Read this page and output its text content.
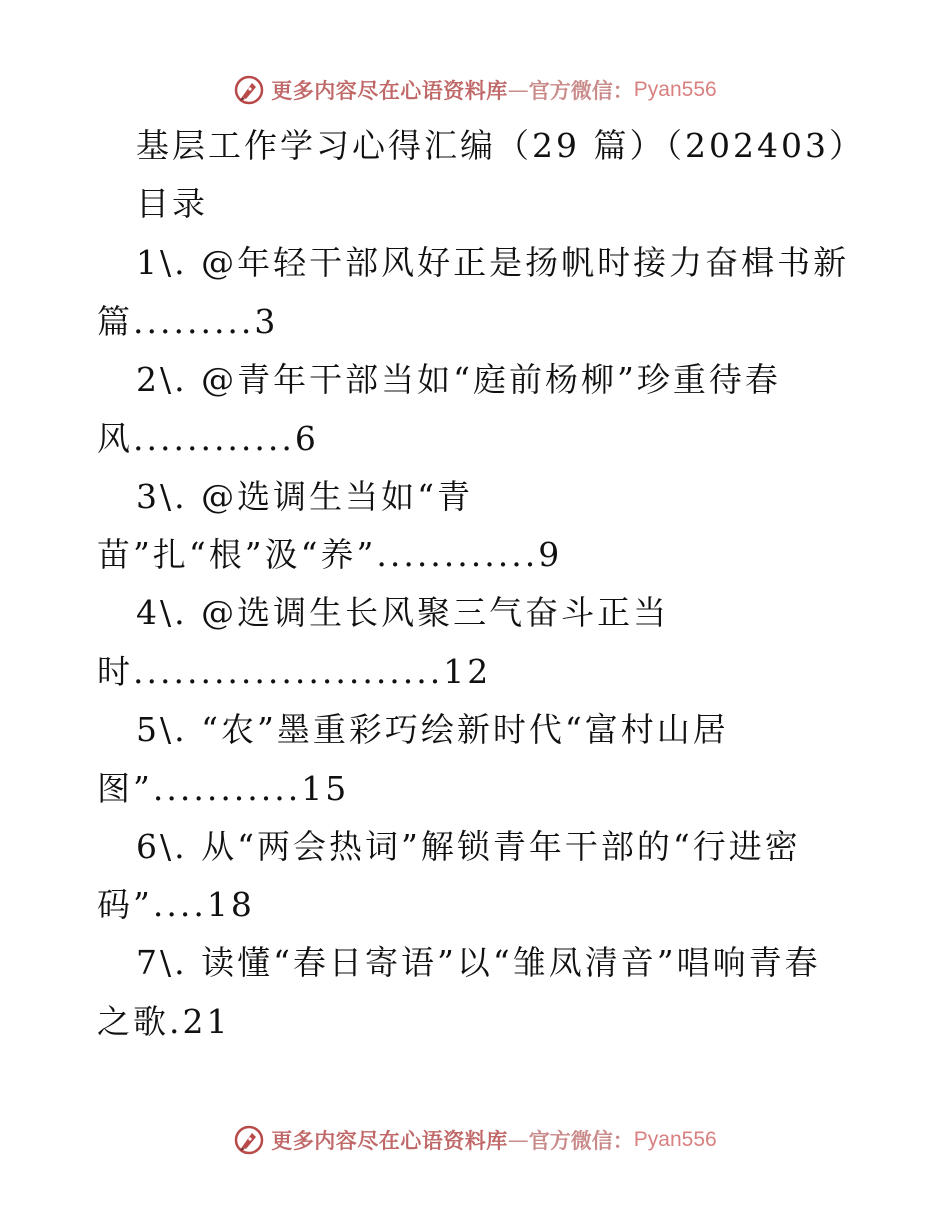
更多内容尽在心语资料库 — 官方微信： Pyan556
基层工作学习心得汇编（29 篇）（202403）
目录
1\. @年轻干部风好正是扬帆时接力奋楫书新
篇.........3
2\. @青年干部当如“庭前杨柳”珍重待春
风............6
3\. @选调生当如“青
苗”扎“根”汲“养”............9
4\. @选调生长风聚三气奋斗正当
时.......................12
5\. “农”墨重彩巧绘新时代“富村山居
图”...........15
6\. 从“两会热词”解锁青年干部的“行进密
码”....18
7\. 读懂“春日寄语”以“雏凤清音”唱响青春
之歌.21
更多内容尽在心语资料库 — 官方微信： Pyan556
